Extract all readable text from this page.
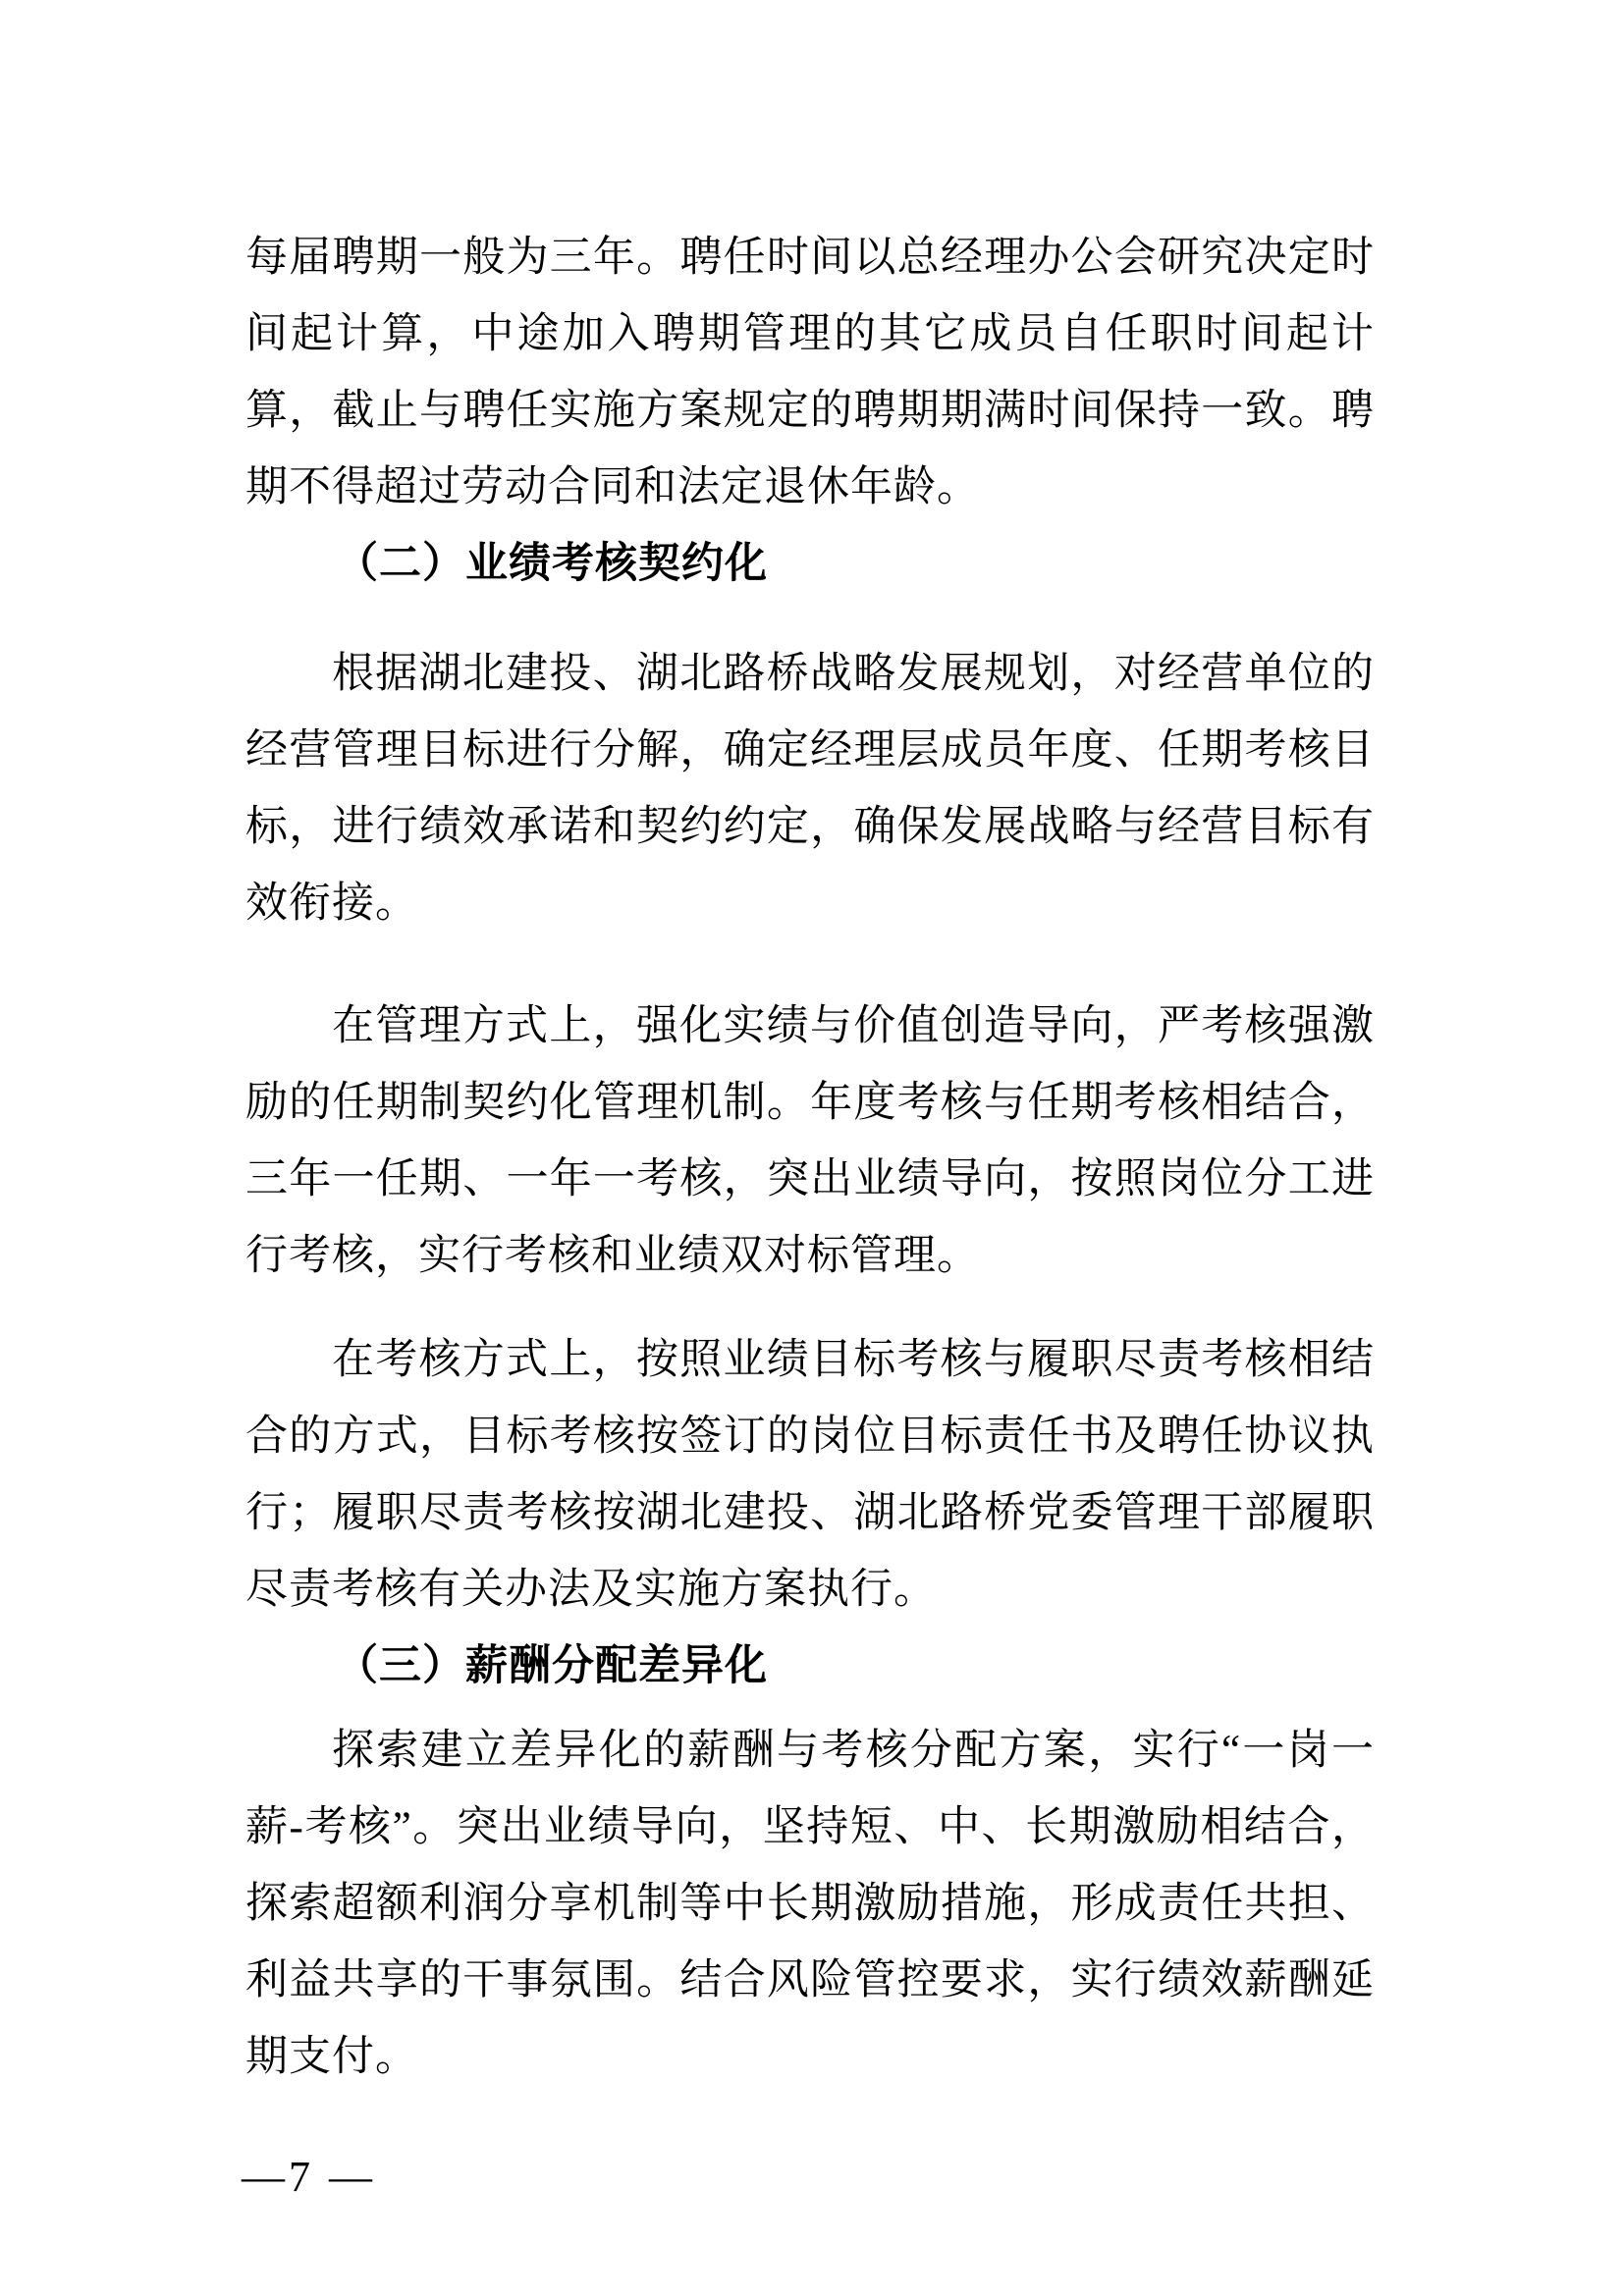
每届聘期一般为三年。聘任时间以总经理办公会研究决定时
间起计算，中途加入聘期管理的其它成员自任职时间起计
算，截止与聘任实施方案规定的聘期期满时间保持一致。聘
期不得超过劳动合同和法定退休年龄。
（二）业绩考核契约化
根据湖北建投、湖北路桥战略发展规划，对经营单位的
经营管理目标进行分解，确定经理层成员年度、任期考核目
标，进行绩效承诺和契约约定，确保发展战略与经营目标有
效衔接。
在管理方式上，强化实绩与价值创造导向，严考核强激
励的任期制契约化管理机制。年度考核与任期考核相结合，
三年一任期、一年一考核，突出业绩导向，按照岗位分工进
行考核，实行考核和业绩双对标管理。
在考核方式上，按照业绩目标考核与履职尽责考核相结
合的方式，目标考核按签订的岗位目标责任书及聘任协议执
行；履职尽责考核按湖北建投、湖北路桥党委管理干部履职
尽责考核有关办法及实施方案执行。
（三）薪酬分配差异化
探索建立差异化的薪酬与考核分配方案，实行“一岗一
薪-考核”。突出业绩导向，坚持短、中、长期激励相结合，
探索超额利润分享机制等中长期激励措施，形成责任共担、
利益共享的干事氛围。结合风险管控要求，实行绩效薪酬延
期支付。
—7 —
